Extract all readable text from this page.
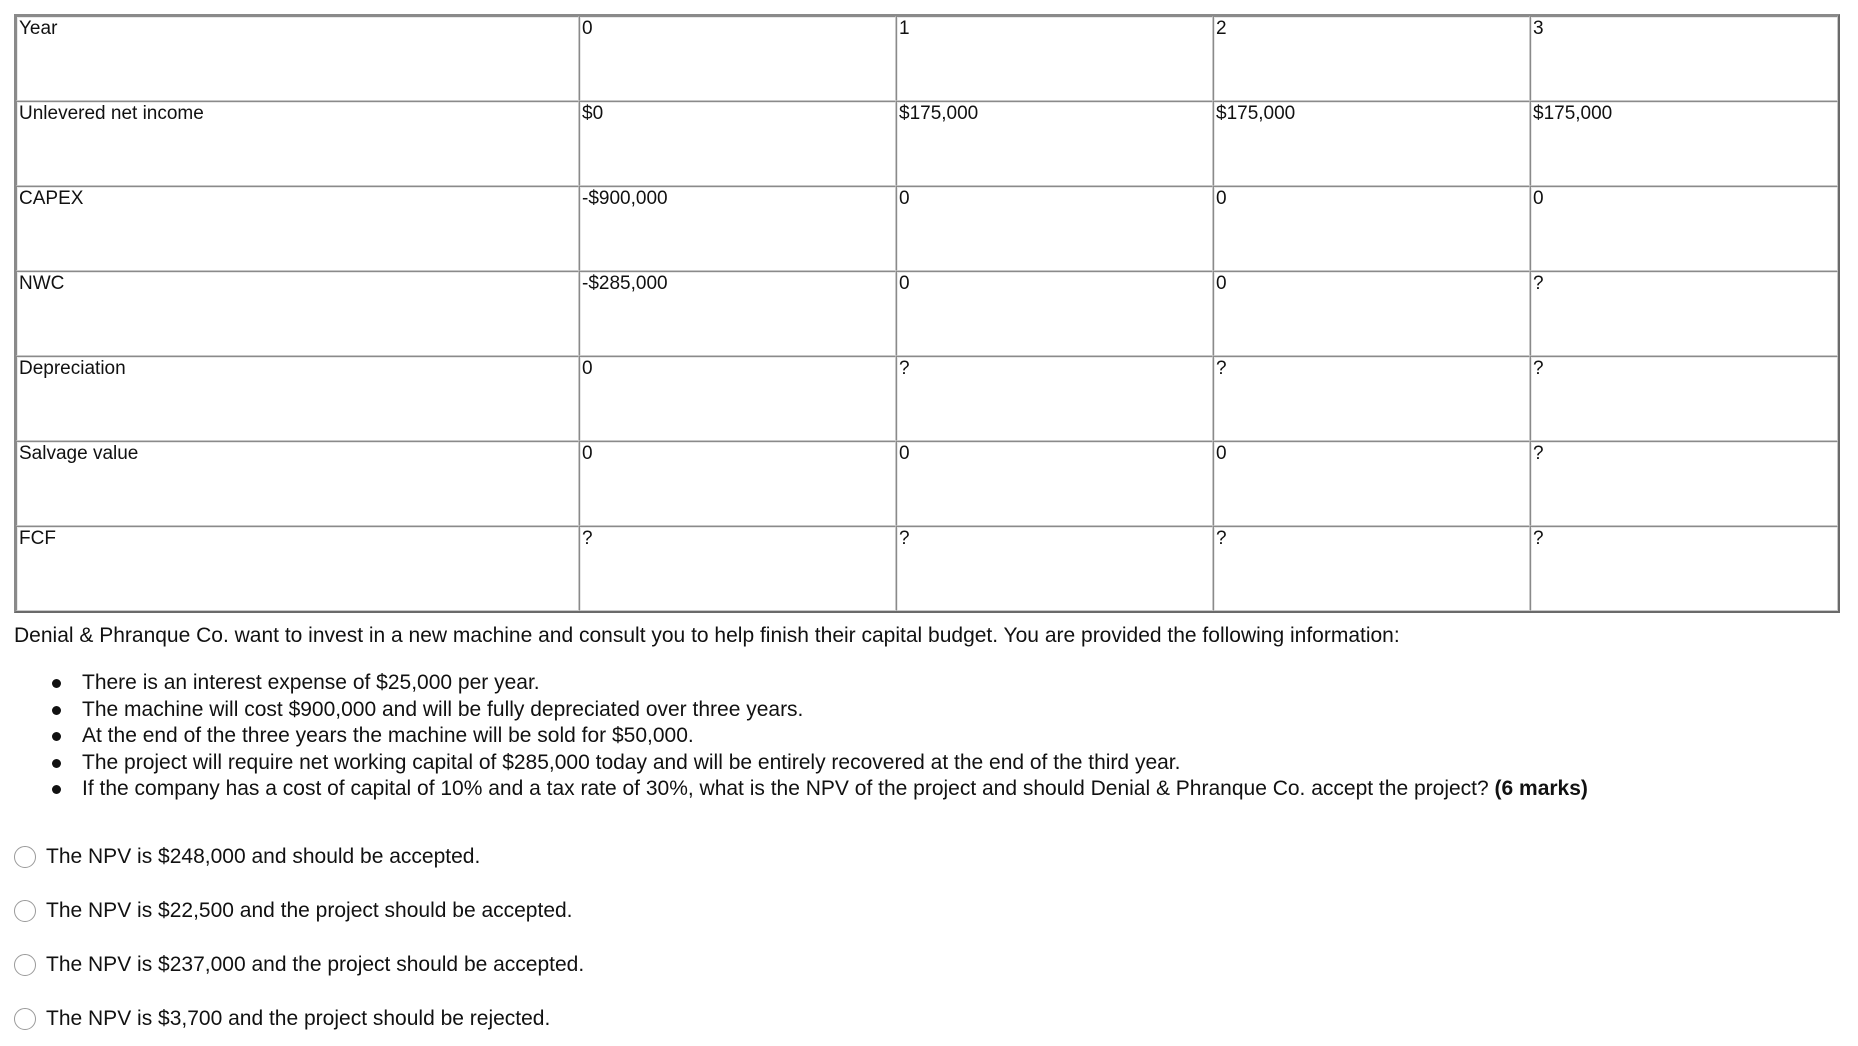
Year	0	1	2	3
Unlevered net income	$0	$175,000	$175,000	$175,000
CAPEX	-$900,000	0	0	0
NWC	-$285,000	0	0	?
Depreciation	0	?	?	?
Salvage value	0	0	0	?
FCF	?	?	?	?

Denial & Phranque Co. want to invest in a new machine and consult you to help finish their capital budget. You are provided the following information:

There is an interest expense of $25,000 per year.
The machine will cost $900,000 and will be fully depreciated over three years.
At the end of the three years the machine will be sold for $50,000.
The project will require net working capital of $285,000 today and will be entirely recovered at the end of the third year.
If the company has a cost of capital of 10% and a tax rate of 30%, what is the NPV of the project and should Denial & Phranque Co. accept the project? (6 marks)
The NPV is $248,000 and should be accepted.
The NPV is $22,500 and the project should be accepted.
The NPV is $237,000 and the project should be accepted.
The NPV is $3,700 and the project should be rejected.
